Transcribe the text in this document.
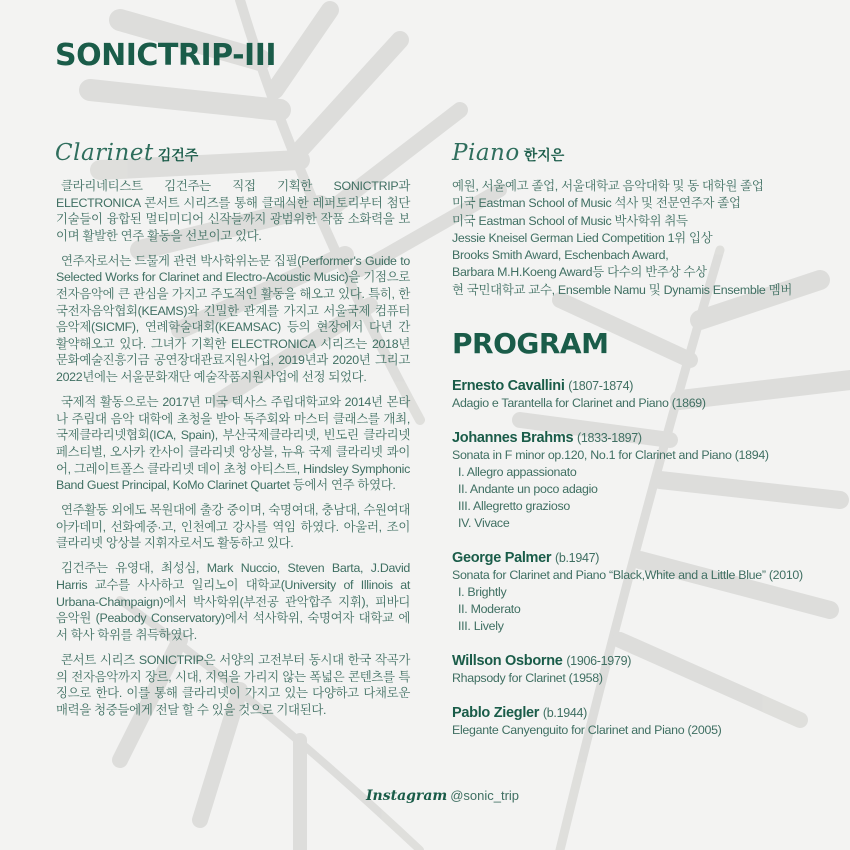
SONICTRIP-III
Clarinet 김건주

클라리네티스트 김건주는 직접 기획한 SONICTRIP과 ELECTRONICA 콘서트 시리즈를 통해 클래식한 레퍼토리부터 첨단기술들이 융합된 멀티미디어 신작들까지 광범위한 작품 소화력을 보이며 활발한 연주 활동을 선보이고 있다.

연주자로서는 드물게 관련 박사학위논문 집필(Performer's Guide to Selected Works for Clarinet and Electro-Acoustic Music)을 기점으로 전자음악에 큰 관심을 가지고 주도적인 활동을 해오고 있다. 특히, 한국전자음악협회(KEAMS)와 긴밀한 관계를 가지고 서울국제 컴퓨터음악제(SICMF), 연례학술대회(KEAMSAC) 등의 현장에서 다년 간 활약해오고 있다. 그녀가 기획한 ELECTRONICA 시리즈는 2018년 문화예술진흥기금 공연장대관료지원사업, 2019년과 2020년 그리고 2022년에는 서울문화재단 예술작품지원사업에 선정 되었다.

국제적 활동으로는 2017년 미국 텍사스 주립대학교와 2014년 몬타나 주립대 음악 대학에 초청을 받아 독주회와 마스터 클래스를 개최, 국제클라리넷협회(ICA, Spain), 부산국제클라리넷, 빈도린 클라리넷페스티벌, 오사카 칸사이 클라리넷 앙상블, 뉴욕 국제 클라리넷 콰이어, 그레이트폴스 클라리넷 데이 초청 아티스트, Hindsley Symphonic Band Guest Principal, KoMo Clarinet Quartet 등에서 연주 하였다.

연주활동 외에도 목원대에 출강 중이며, 숙명여대, 충남대, 수원여대 아카데미, 선화예중·고, 인천예고 강사를 역임 하였다. 아울러, 조이 클라리넷 앙상블 지휘자로서도 활동하고 있다.

김건주는 유영대, 최성심, Mark Nuccio, Steven Barta, J.David Harris 교수를 사사하고 일리노이 대학교(University of Illinois at Urbana-Champaign)에서 박사학위(부전공 관악합주 지휘), 피바디 음악원 (Peabody Conservatory)에서 석사학위, 숙명여자 대학교 에서 학사 학위를 취득하였다.

콘서트 시리즈 SONICTRIP은 서양의 고전부터 동시대 한국 작곡가의 전자음악까지 장르, 시대, 지역을 가리지 않는 폭넓은 콘텐츠를 특징으로 한다. 이를 통해 클라리넷이 가지고 있는 다양하고 다채로운 매력을 청중들에게 전달 할 수 있을 것으로 기대된다.

Piano 한지은
예원, 서울예고 졸업, 서울대학교 음악대학 및 동 대학원 졸업
미국 Eastman School of Music 석사 및 전문연주자 졸업
미국 Eastman School of Music 박사학위 취득
Jessie Kneisel German Lied Competition 1위 입상
Brooks Smith Award, Eschenbach Award,
Barbara M.H.Koeng Award등 다수의 반주상 수상
현 국민대학교 교수, Ensemble Namu 및 Dynamis Ensemble 멤버
PROGRAM
Ernesto Cavallini (1807-1874)
Adagio e Tarantella for Clarinet and Piano (1869)
Johannes Brahms (1833-1897)
Sonata in F minor op.120, No.1 for Clarinet and Piano (1894)
I. Allegro appassionato
II. Andante un poco adagio
III. Allegretto grazioso
IV. Vivace
George Palmer (b.1947)
Sonata for Clarinet and Piano “Black,White and a Little Blue” (2010)
I. Brightly
II. Moderato
III. Lively
Willson Osborne (1906-1979)
Rhapsody for Clarinet (1958)
Pablo Ziegler (b.1944)
Elegante Canyenguito for Clarinet and Piano (2005)
Instagram @sonic_trip
